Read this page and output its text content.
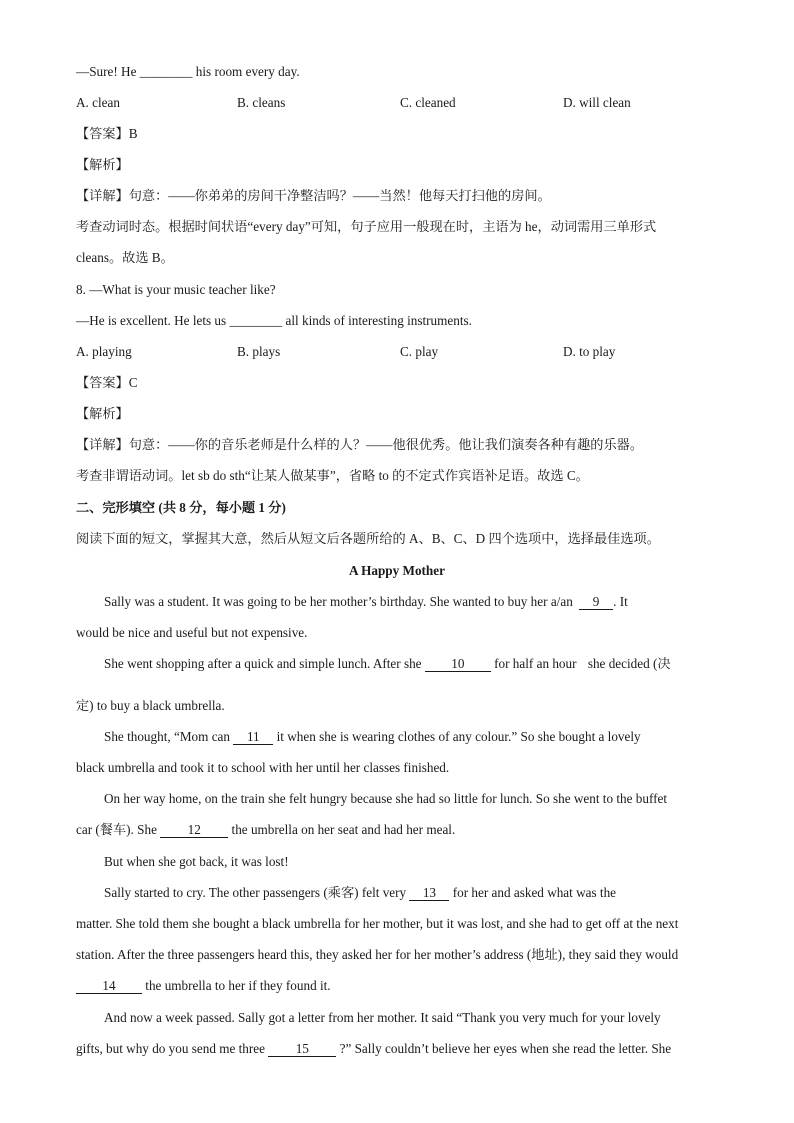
—Sure! He ________ his room every day.
A. clean	B. cleans	C. cleaned	D. will clean
【答案】B
【解析】
【详解】句意：——你弟弟的房间干净整洁吗？——当然！他每天打扫他的房间。
考查动词时态。根据时间状语“every day”可知，句子应用一般现在时，主语为 he，动词需用三单形式
cleans。故选 B。
8. —What is your music teacher like?
—He is excellent. He lets us ________ all kinds of interesting instruments.
A. playing	B. plays	C. play	D. to play
【答案】C
【解析】
【详解】句意：——你的音乐老师是什么样的人？——他很优秀。他让我们演奏各种有趣的乐器。
考查非谓语动词。let sb do sth“让某人做某事”，省略 to 的不定式作宾语补足语。故选 C。
二、完形填空 (共 8 分，每小题 1 分)
阅读下面的短文，掌握其大意，然后从短文后各题所给的 A、B、C、D 四个选项中，选择最佳选项。
A Happy Mother
Sally was a student. It was going to be her mother’s birthday. She wanted to buy her a/an 9 . It
would be nice and useful but not expensive.
She went shopping after a quick and simple lunch. After she 10 for half an hour she decided (决
定) to buy a black umbrella.
She thought, “Mom can 11 it when she is wearing clothes of any colour.” So she bought a lovely
black umbrella and took it to school with her until her classes finished.
On her way home, on the train she felt hungry because she had so little for lunch. So she went to the buffet
car (餐车). She 12 the umbrella on her seat and had her meal.
But when she got back, it was lost!
Sally started to cry. The other passengers (乘客) felt very 13 for her and asked what was the
matter. She told them she bought a black umbrella for her mother, but it was lost, and she had to get off at the next
station. After the three passengers heard this, they asked her for her mother’s address (地址), they said they would
14 the umbrella to her if they found it.
And now a week passed. Sally got a letter from her mother. It said “Thank you very much for your lovely
gifts, but why do you send me three 15 ?” Sally couldn’t believe her eyes when she read the letter. She
